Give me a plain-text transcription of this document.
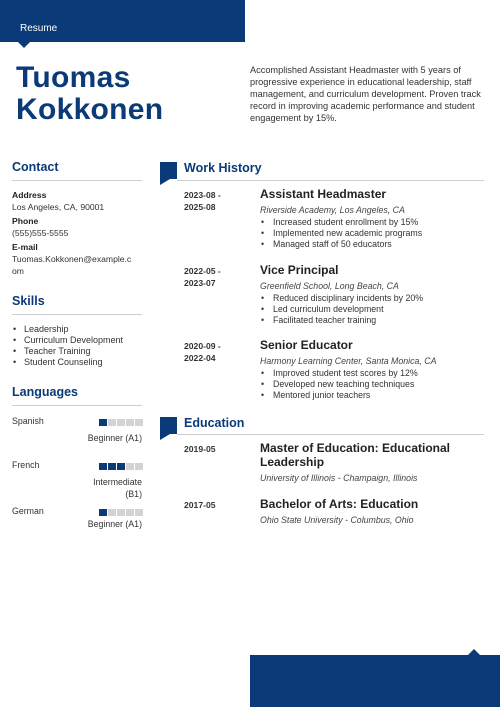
Resume
Tuomas
Kokkonen
Accomplished Assistant Headmaster with 5 years of progressive experience in educational leadership, staff management, and curriculum development. Proven track record in improving academic performance and student engagement by 15%.
Contact
Address
Los Angeles, CA, 90001
Phone
(555)555-5555
E-mail
Tuomas.Kokkonen@example.c
om
Skills
• Leadership
• Curriculum Development
• Teacher Training
• Student Counseling
Languages
Spanish
Beginner (A1)
French
Intermediate
(B1)
German
Beginner (A1)
Work History
2023-08 -
2025-08
Assistant Headmaster
Riverside Academy, Los Angeles, CA
• Increased student enrollment by 15%
• Implemented new academic programs
• Managed staff of 50 educators
2022-05 -
2023-07
Vice Principal
Greenfield School, Long Beach, CA
• Reduced disciplinary incidents by 20%
• Led curriculum development
• Facilitated teacher training
2020-09 -
2022-04
Senior Educator
Harmony Learning Center, Santa Monica, CA
• Improved student test scores by 12%
• Developed new teaching techniques
• Mentored junior teachers
Education
2019-05	Master of Education: Educational
Leadership
University of Illinois - Champaign, Illinois
2017-05	Bachelor of Arts: Education
Ohio State University - Columbus, Ohio
